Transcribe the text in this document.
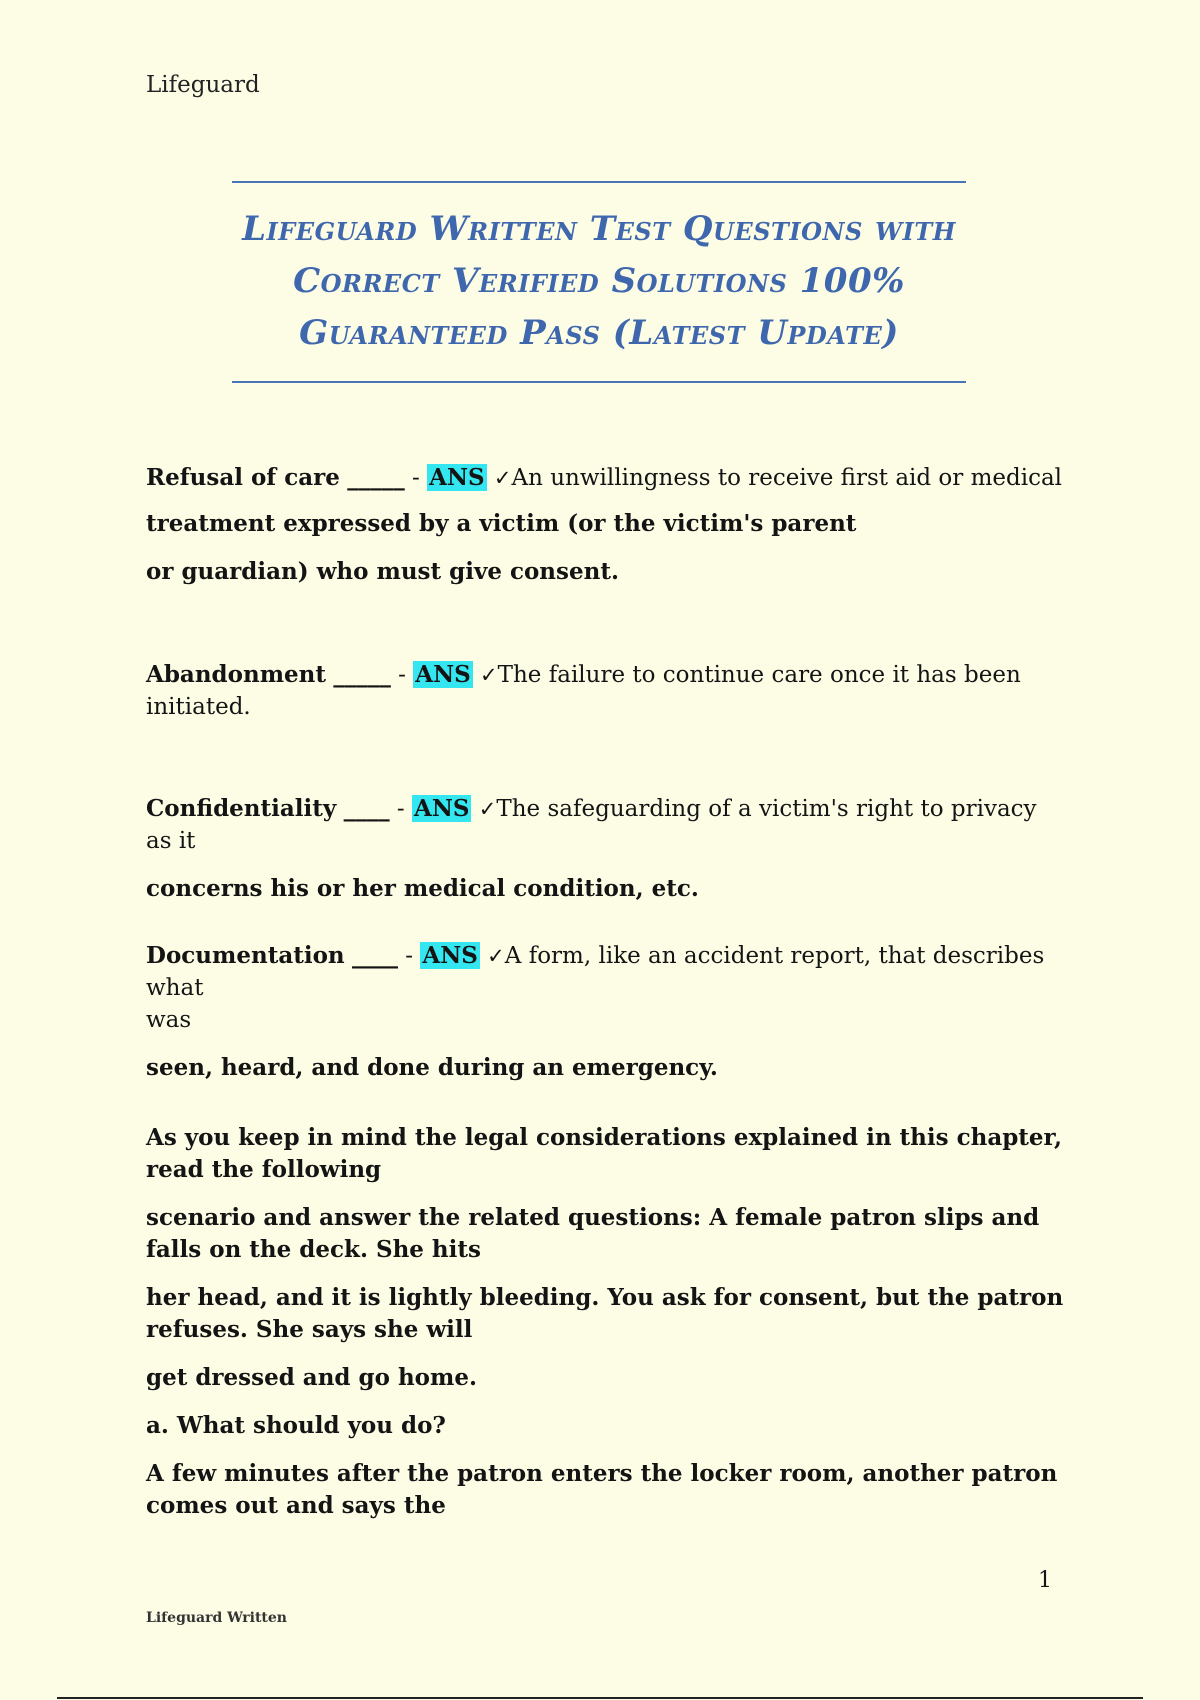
Lifeguard
Lifeguard Written Test Questions with
Correct Verified Solutions 100%
Guaranteed Pass (Latest Update)
Refusal of care _____ - ANS ✓An unwillingness to receive first aid or medical
treatment expressed by a victim (or the victim's parent
or guardian) who must give consent.
Abandonment _____ - ANS ✓The failure to continue care once it has been
initiated.
Confidentiality ____ - ANS ✓The safeguarding of a victim's right to privacy as it
concerns his or her medical condition, etc.
Documentation ____ - ANS ✓A form, like an accident report, that describes what
was
seen, heard, and done during an emergency.
As you keep in mind the legal considerations explained in this chapter, read the following
scenario and answer the related questions: A female patron slips and falls on the deck. She hits
her head, and it is lightly bleeding. You ask for consent, but the patron refuses. She says she will
get dressed and go home.
a. What should you do?
A few minutes after the patron enters the locker room, another patron comes out and says the
1
Lifeguard Written
